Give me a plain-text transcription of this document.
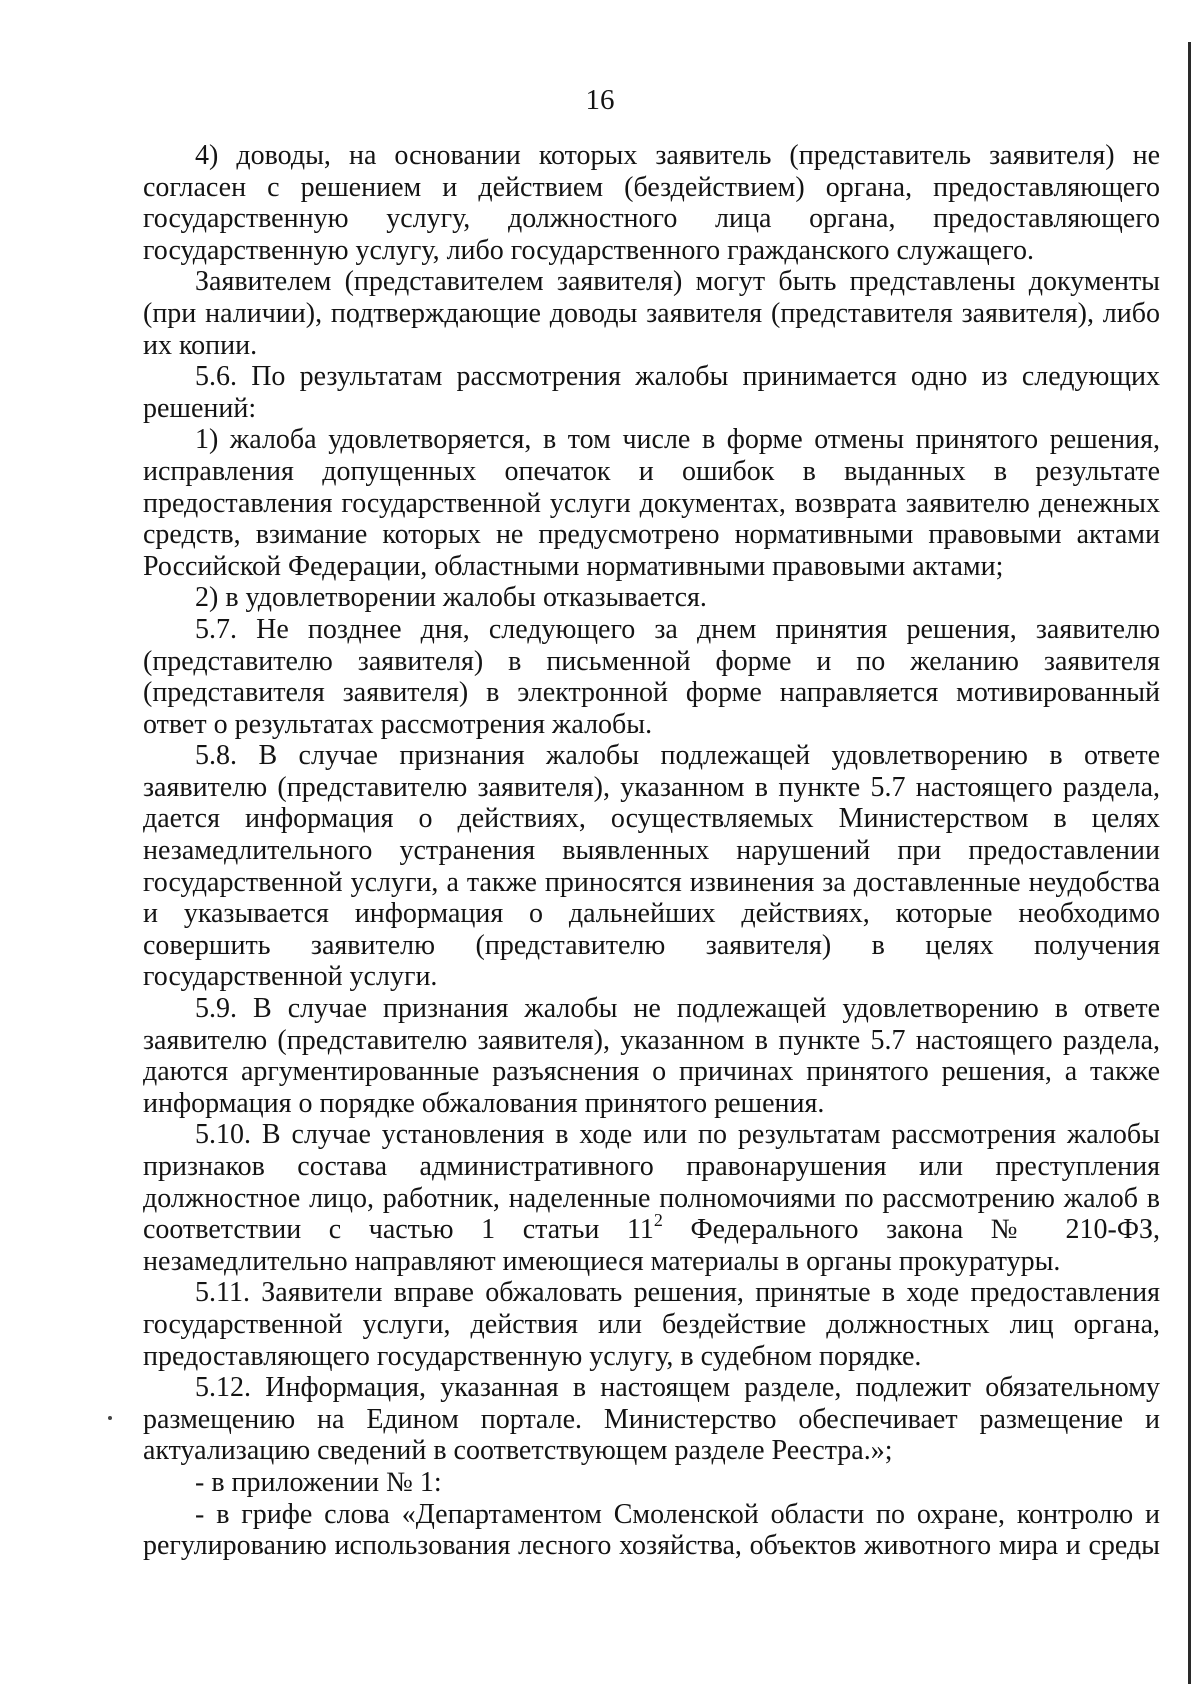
16

4) доводы, на основании которых заявитель (представитель заявителя) не согласен с решением и действием (бездействием) органа, предоставляющего государственную услугу, должностного лица органа, предоставляющего государственную услугу, либо государственного гражданского служащего.

Заявителем (представителем заявителя) могут быть представлены документы (при наличии), подтверждающие доводы заявителя (представителя заявителя), либо их копии.

5.6. По результатам рассмотрения жалобы принимается одно из следующих решений:

1) жалоба удовлетворяется, в том числе в форме отмены принятого решения, исправления допущенных опечаток и ошибок в выданных в результате предоставления государственной услуги документах, возврата заявителю денежных средств, взимание которых не предусмотрено нормативными правовыми актами Российской Федерации, областными нормативными правовыми актами;

2) в удовлетворении жалобы отказывается.

5.7. Не позднее дня, следующего за днем принятия решения, заявителю (представителю заявителя) в письменной форме и по желанию заявителя (представителя заявителя) в электронной форме направляется мотивированный ответ о результатах рассмотрения жалобы.

5.8. В случае признания жалобы подлежащей удовлетворению в ответе заявителю (представителю заявителя), указанном в пункте 5.7 настоящего раздела, дается информация о действиях, осуществляемых Министерством в целях незамедлительного устранения выявленных нарушений при предоставлении государственной услуги, а также приносятся извинения за доставленные неудобства и указывается информация о дальнейших действиях, которые необходимо совершить заявителю (представителю заявителя) в целях получения государственной услуги.

5.9. В случае признания жалобы не подлежащей удовлетворению в ответе заявителю (представителю заявителя), указанном в пункте 5.7 настоящего раздела, даются аргументированные разъяснения о причинах принятого решения, а также информация о порядке обжалования принятого решения.

5.10. В случае установления в ходе или по результатам рассмотрения жалобы признаков состава административного правонарушения или преступления должностное лицо, работник, наделенные полномочиями по рассмотрению жалоб в соответствии с частью 1 статьи $11^2$ Федерального закона № 210-ФЗ, незамедлительно направляют имеющиеся материалы в органы прокуратуры.

5.11. Заявители вправе обжаловать решения, принятые в ходе предоставления государственной услуги, действия или бездействие должностных лиц органа, предоставляющего государственную услугу, в судебном порядке.

5.12. Информация, указанная в настоящем разделе, подлежит обязательному размещению на Едином портале. Министерство обеспечивает размещение и актуализацию сведений в соответствующем разделе Реестра.»;

- в приложении № 1:

- в грифе слова «Департаментом Смоленской области по охране, контролю и регулированию использования лесного хозяйства, объектов животного мира и среды
